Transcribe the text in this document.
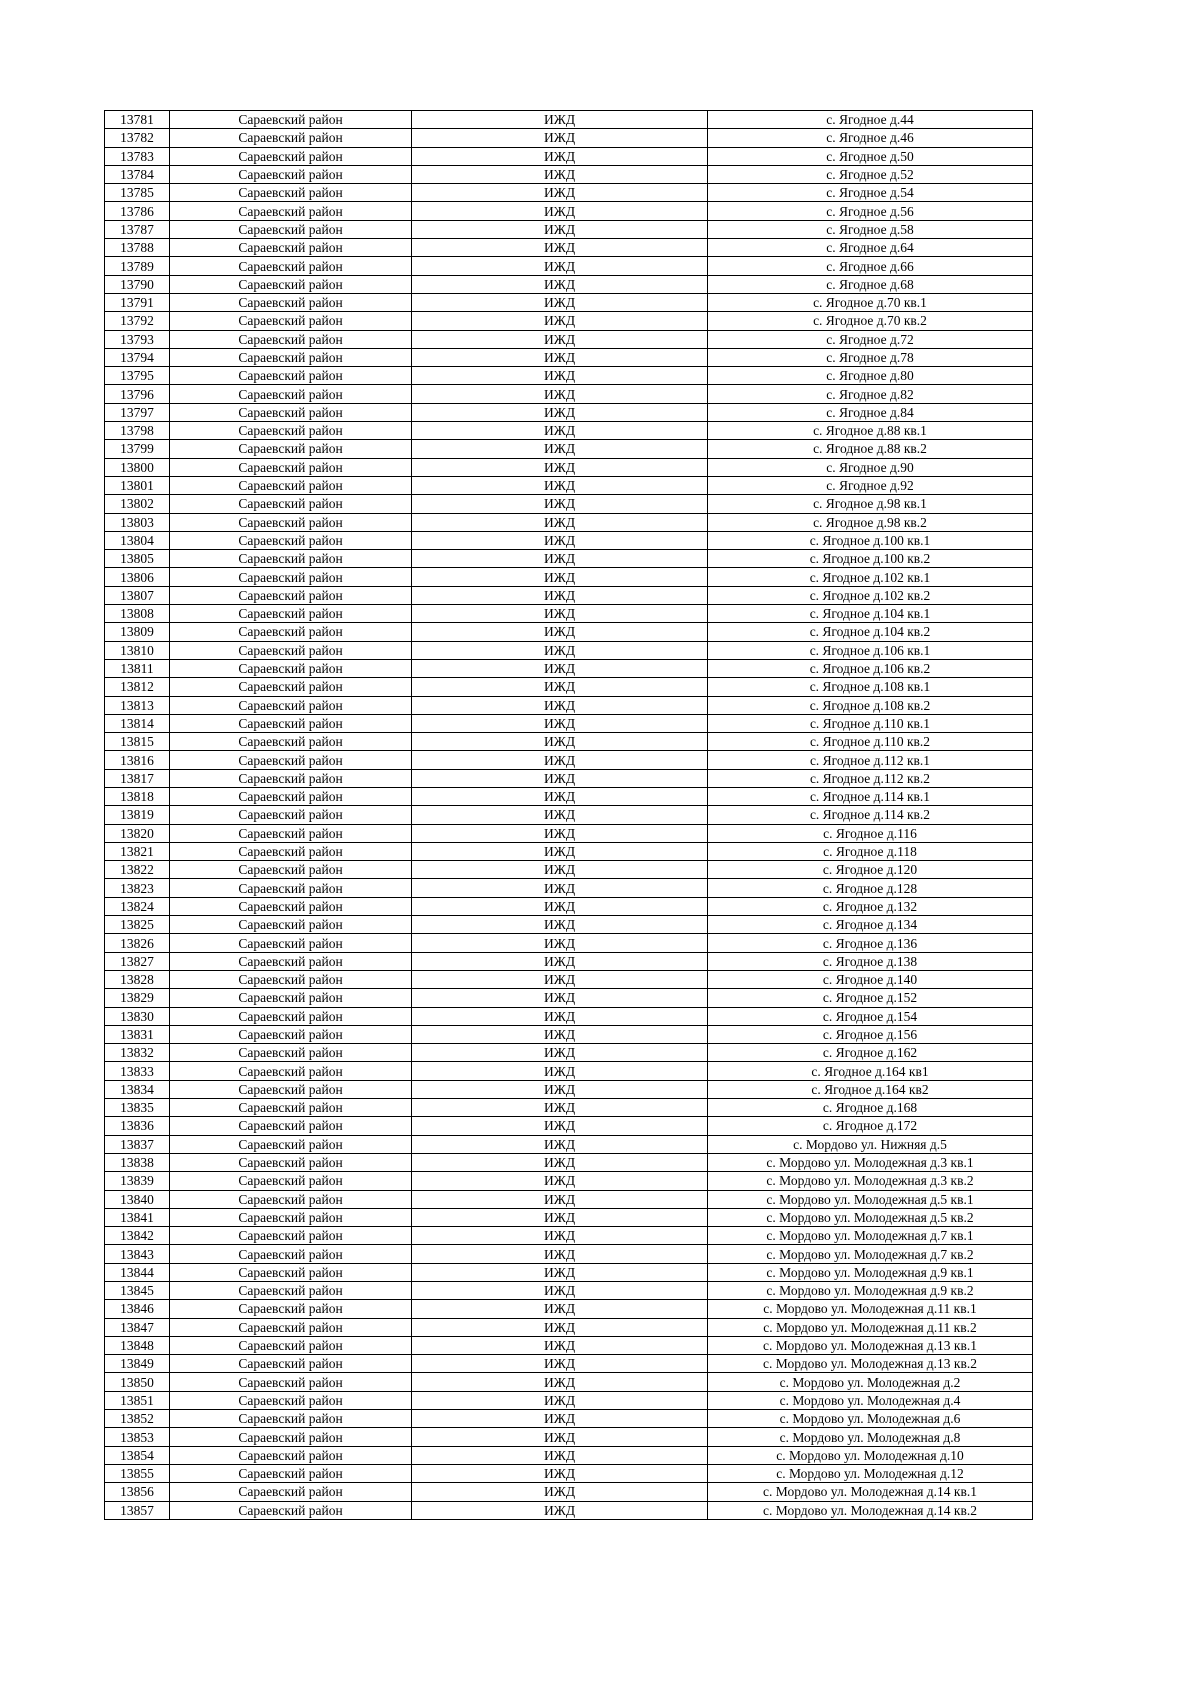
13781	Сараевский район	ИЖД	с. Ягодное д.44
13782	Сараевский район	ИЖД	с. Ягодное д.46
13783	Сараевский район	ИЖД	с. Ягодное д.50
13784	Сараевский район	ИЖД	с. Ягодное д.52
13785	Сараевский район	ИЖД	с. Ягодное д.54
13786	Сараевский район	ИЖД	с. Ягодное д.56
13787	Сараевский район	ИЖД	с. Ягодное д.58
13788	Сараевский район	ИЖД	с. Ягодное д.64
13789	Сараевский район	ИЖД	с. Ягодное д.66
13790	Сараевский район	ИЖД	с. Ягодное д.68
13791	Сараевский район	ИЖД	с. Ягодное д.70 кв.1
13792	Сараевский район	ИЖД	с. Ягодное д.70 кв.2
13793	Сараевский район	ИЖД	с. Ягодное д.72
13794	Сараевский район	ИЖД	с. Ягодное д.78
13795	Сараевский район	ИЖД	с. Ягодное д.80
13796	Сараевский район	ИЖД	с. Ягодное д.82
13797	Сараевский район	ИЖД	с. Ягодное д.84
13798	Сараевский район	ИЖД	с. Ягодное д.88 кв.1
13799	Сараевский район	ИЖД	с. Ягодное д.88 кв.2
13800	Сараевский район	ИЖД	с. Ягодное д.90
13801	Сараевский район	ИЖД	с. Ягодное д.92
13802	Сараевский район	ИЖД	с. Ягодное д.98 кв.1
13803	Сараевский район	ИЖД	с. Ягодное д.98 кв.2
13804	Сараевский район	ИЖД	с. Ягодное д.100 кв.1
13805	Сараевский район	ИЖД	с. Ягодное д.100 кв.2
13806	Сараевский район	ИЖД	с. Ягодное д.102 кв.1
13807	Сараевский район	ИЖД	с. Ягодное д.102 кв.2
13808	Сараевский район	ИЖД	с. Ягодное д.104 кв.1
13809	Сараевский район	ИЖД	с. Ягодное д.104 кв.2
13810	Сараевский район	ИЖД	с. Ягодное д.106 кв.1
13811	Сараевский район	ИЖД	с. Ягодное д.106 кв.2
13812	Сараевский район	ИЖД	с. Ягодное д.108 кв.1
13813	Сараевский район	ИЖД	с. Ягодное д.108 кв.2
13814	Сараевский район	ИЖД	с. Ягодное д.110 кв.1
13815	Сараевский район	ИЖД	с. Ягодное д.110 кв.2
13816	Сараевский район	ИЖД	с. Ягодное д.112 кв.1
13817	Сараевский район	ИЖД	с. Ягодное д.112 кв.2
13818	Сараевский район	ИЖД	с. Ягодное д.114 кв.1
13819	Сараевский район	ИЖД	с. Ягодное д.114 кв.2
13820	Сараевский район	ИЖД	с. Ягодное д.116
13821	Сараевский район	ИЖД	с. Ягодное д.118
13822	Сараевский район	ИЖД	с. Ягодное д.120
13823	Сараевский район	ИЖД	с. Ягодное д.128
13824	Сараевский район	ИЖД	с. Ягодное д.132
13825	Сараевский район	ИЖД	с. Ягодное д.134
13826	Сараевский район	ИЖД	с. Ягодное д.136
13827	Сараевский район	ИЖД	с. Ягодное д.138
13828	Сараевский район	ИЖД	с. Ягодное д.140
13829	Сараевский район	ИЖД	с. Ягодное д.152
13830	Сараевский район	ИЖД	с. Ягодное д.154
13831	Сараевский район	ИЖД	с. Ягодное д.156
13832	Сараевский район	ИЖД	с. Ягодное д.162
13833	Сараевский район	ИЖД	с. Ягодное д.164 кв1
13834	Сараевский район	ИЖД	с. Ягодное д.164 кв2
13835	Сараевский район	ИЖД	с. Ягодное д.168
13836	Сараевский район	ИЖД	с. Ягодное д.172
13837	Сараевский район	ИЖД	с. Мордово ул. Нижняя д.5
13838	Сараевский район	ИЖД	с. Мордово ул. Молодежная д.3 кв.1
13839	Сараевский район	ИЖД	с. Мордово ул. Молодежная д.3 кв.2
13840	Сараевский район	ИЖД	с. Мордово ул. Молодежная д.5 кв.1
13841	Сараевский район	ИЖД	с. Мордово ул. Молодежная д.5 кв.2
13842	Сараевский район	ИЖД	с. Мордово ул. Молодежная д.7 кв.1
13843	Сараевский район	ИЖД	с. Мордово ул. Молодежная д.7 кв.2
13844	Сараевский район	ИЖД	с. Мордово ул. Молодежная д.9 кв.1
13845	Сараевский район	ИЖД	с. Мордово ул. Молодежная д.9 кв.2
13846	Сараевский район	ИЖД	с. Мордово ул. Молодежная д.11 кв.1
13847	Сараевский район	ИЖД	с. Мордово ул. Молодежная д.11 кв.2
13848	Сараевский район	ИЖД	с. Мордово ул. Молодежная д.13 кв.1
13849	Сараевский район	ИЖД	с. Мордово ул. Молодежная д.13 кв.2
13850	Сараевский район	ИЖД	с. Мордово ул. Молодежная д.2
13851	Сараевский район	ИЖД	с. Мордово ул. Молодежная д.4
13852	Сараевский район	ИЖД	с. Мордово ул. Молодежная д.6
13853	Сараевский район	ИЖД	с. Мордово ул. Молодежная д.8
13854	Сараевский район	ИЖД	с. Мордово ул. Молодежная д.10
13855	Сараевский район	ИЖД	с. Мордово ул. Молодежная д.12
13856	Сараевский район	ИЖД	с. Мордово ул. Молодежная д.14 кв.1
13857	Сараевский район	ИЖД	с. Мордово ул. Молодежная д.14 кв.2
